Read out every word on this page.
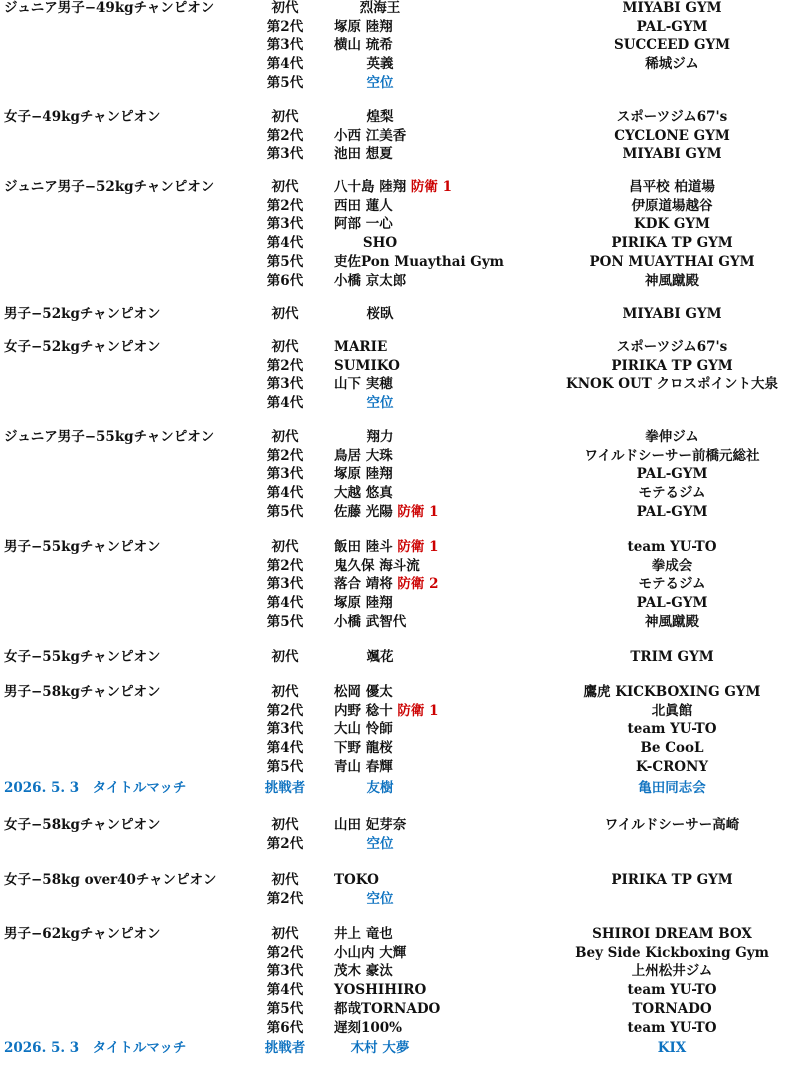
ジュニア男子−49kgチャンピオン	初代	烈海王	MIYABI GYM
第2代 塚原 陸翔	PAL-GYM
第3代 横山 琉希	SUCCEED GYM
第4代	英義	稀城ジム
第5代	空位
女子−49kgチャンピオン	初代	煌梨	スポーツジム67's
第2代 小西 江美香	CYCLONE GYM
第3代 池田 想夏	MIYABI GYM
ジュニア男子−52kgチャンピオン	初代	八十島 陸翔 防衛 1	昌平校 柏道場
第2代 西田 蓮人	伊原道場越谷
第3代 阿部 一心	KDK GYM
第4代	SHO	PIRIKA TP GYM
第5代 吏佐Pon Muaythai Gym	PON MUAYTHAI GYM
第6代 小橋 京太郎	神風蹴殿
男子−52kgチャンピオン	初代	桜臥	MIYABI GYM
女子−52kgチャンピオン	初代	MARIE	スポーツジム67's
第2代 SUMIKO	PIRIKA TP GYM
第3代 山下 実穂	KNOK OUT クロスポイント大泉
第4代	空位
ジュニア男子−55kgチャンピオン	初代	翔力	拳伸ジム
第2代 鳥居 大珠	ワイルドシーサー前橋元総社
第3代 塚原 陸翔	PAL-GYM
第4代 大越 悠真	モテるジム
第5代 佐藤 光陽 防衛 1	PAL-GYM
男子−55kgチャンピオン	初代	飯田 陸斗 防衛 1	team YU-TO
第2代 鬼久保 海斗流	拳成会
第3代 落合 靖将 防衛 2	モテるジム
第4代 塚原 陸翔	PAL-GYM
第5代 小橋 武智代	神風蹴殿
女子−55kgチャンピオン	初代	颯花	TRIM GYM
男子−58kgチャンピオン	初代	松岡 優太	鷹虎 KICKBOXING GYM
第2代 内野 稔十 防衛 1	北眞館
第3代 大山 怜師	team YU-TO
第4代 下野 龍桜	Be CooL
第5代 青山 春輝	K-CRONY
2026. 5. 3　 タイトルマッチ	挑戦者	友樹	亀田同志会
女子−58kgチャンピオン	初代	山田 妃芽奈	ワイルドシーサー高崎
第2代	空位
女子−58kg over40チャンピオン	初代	TOKO	PIRIKA TP GYM
第2代	空位
男子−62kgチャンピオン	初代	井上 竜也	SHIROI DREAM BOX
第2代 小山内 大輝	Bey Side Kickboxing Gym
第3代 茂木 豪汰	上州松井ジム
第4代 YOSHIHIRO	team YU-TO
第5代 都哉TORNADO	TORNADO
第6代 遅刻100%	team YU-TO
2026. 5. 3　 タイトルマッチ	挑戦者	木村 大夢	KIX
